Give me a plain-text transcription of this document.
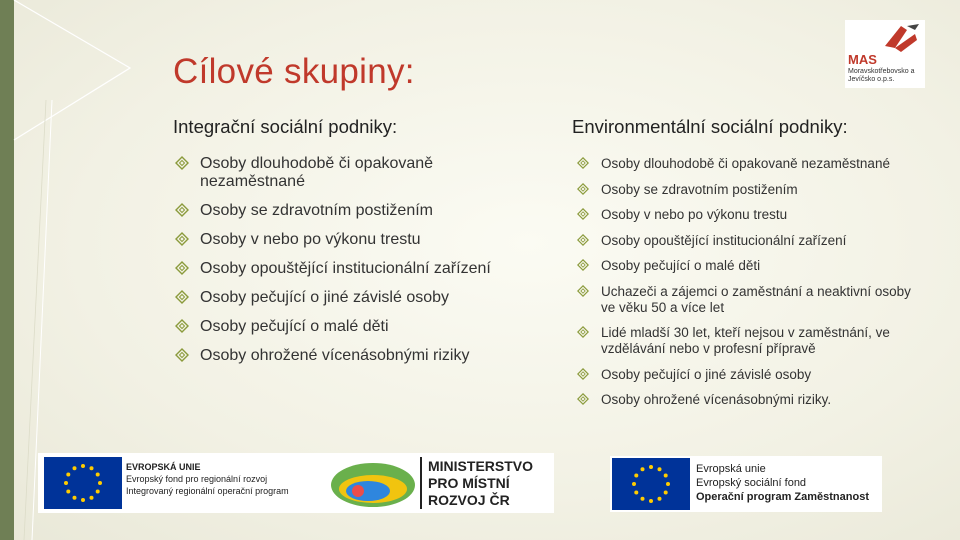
Cílové skupiny:	MAS
Moravskotřebovsko a Jevíčsko o.p.s.
Integrační sociální podniky:
Osoby dlouhodobě či opakovaně nezaměstnané
Osoby se zdravotním postižením
Osoby v nebo po výkonu trestu
Osoby opouštějící institucionální zařízení
Osoby pečující o jiné závislé osoby
Osoby pečující o malé děti
Osoby ohrožené vícenásobnými riziky
Environmentální sociální podniky:
Osoby dlouhodobě či opakovaně nezaměstnané
Osoby se zdravotním postižením
Osoby v nebo po výkonu trestu
Osoby opouštějící institucionální zařízení
Osoby pečující o malé děti
Uchazeči a zájemci o zaměstnání a neaktivní osoby ve věku 50 a více let
Lidé mladší 30 let, kteří nejsou v zaměstnání, ve vzdělávání nebo v profesní přípravě
Osoby pečující o jiné závislé osoby
Osoby ohrožené vícenásobnými riziky.
EVROPSKÁ UNIE
Evropský fond pro regionální rozvoj
Integrovaný regionální operační program
MINISTERSTVO
PRO MÍSTNÍ
ROZVOJ ČR
Evropská unie
Evropský sociální fond
Operační program Zaměstnanost
